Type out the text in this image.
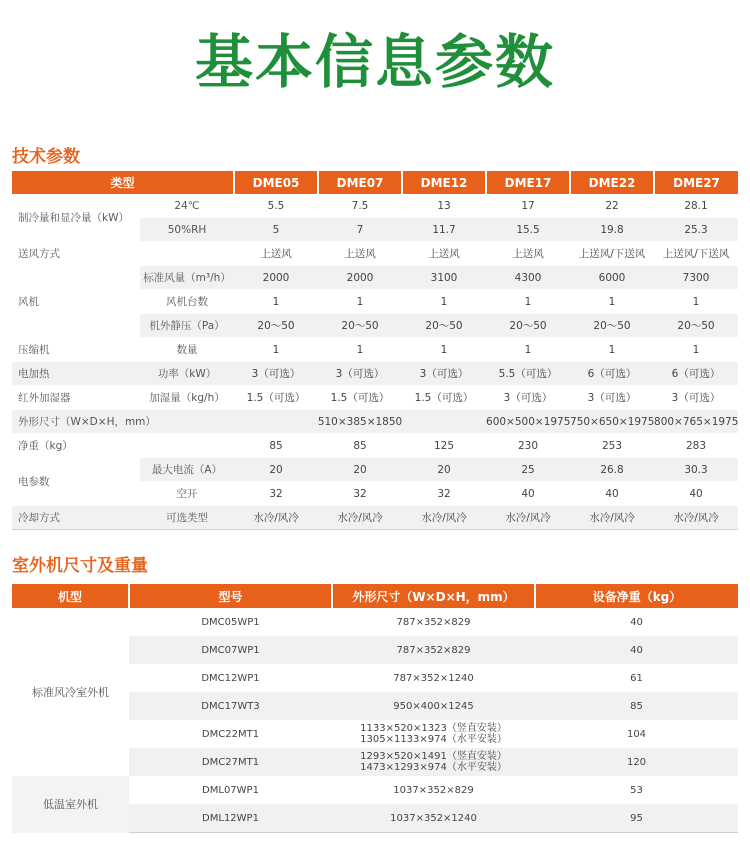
基本信息参数
技术参数
类型		DME05	DME07	DME12	DME17	DME22	DME27	
制冷量和显冷量（kW）	24℃	5.5	7.5	13	17	22	28.1	
	50%RH	5	7	11.7	15.5	19.8	25.3	
送风方式		上送风	上送风	上送风	上送风	上送风/下送风	上送风/下送风	
风机	标准风量（m³/h）	2000	2000	3100	4300	6000	7300	
	风机台数	1	1	1	1	1	1	
	机外静压（Pa）	20～50	20～50	20～50	20～50	20～50	20～50	
压缩机	数量	1	1	1	1	1	1	
电加热	功率（kW）	3（可选）	3（可选）	3（可选）	5.5（可选）	6（可选）	6（可选）	
红外加湿器	加湿量（kg/h）	1.5（可选）	1.5（可选）	1.5（可选）	3（可选）	3（可选）	3（可选）	
外形尺寸（W×D×H，mm）		510×385×1850			600×500×1975	750×650×1975	800×765×1975	
净重（kg）		85	85	125	230	253	283	
电参数	最大电流（A）	20	20	20	25	26.8	30.3	
	空开	32	32	32	40	40	40	
冷却方式	可选类型	水冷/风冷	水冷/风冷	水冷/风冷	水冷/风冷	水冷/风冷	水冷/风冷	
室外机尺寸及重量
机型	型号	外形尺寸（W×D×H，mm）	设备净重（kg）
标准风冷室外机	DMC05WP1	787×352×829	40
	DMC07WP1	787×352×829	40
	DMC12WP1	787×352×1240	61
	DMC17WT3	950×400×1245	85
	DMC22MT1	1133×520×1323（竖直安装）
1305×1133×974（水平安装）	104
	DMC27MT1	1293×520×1491（竖直安装）
1473×1293×974（水平安装）	120
低温室外机	DML07WP1	1037×352×829	53
	DML12WP1	1037×352×1240	95
